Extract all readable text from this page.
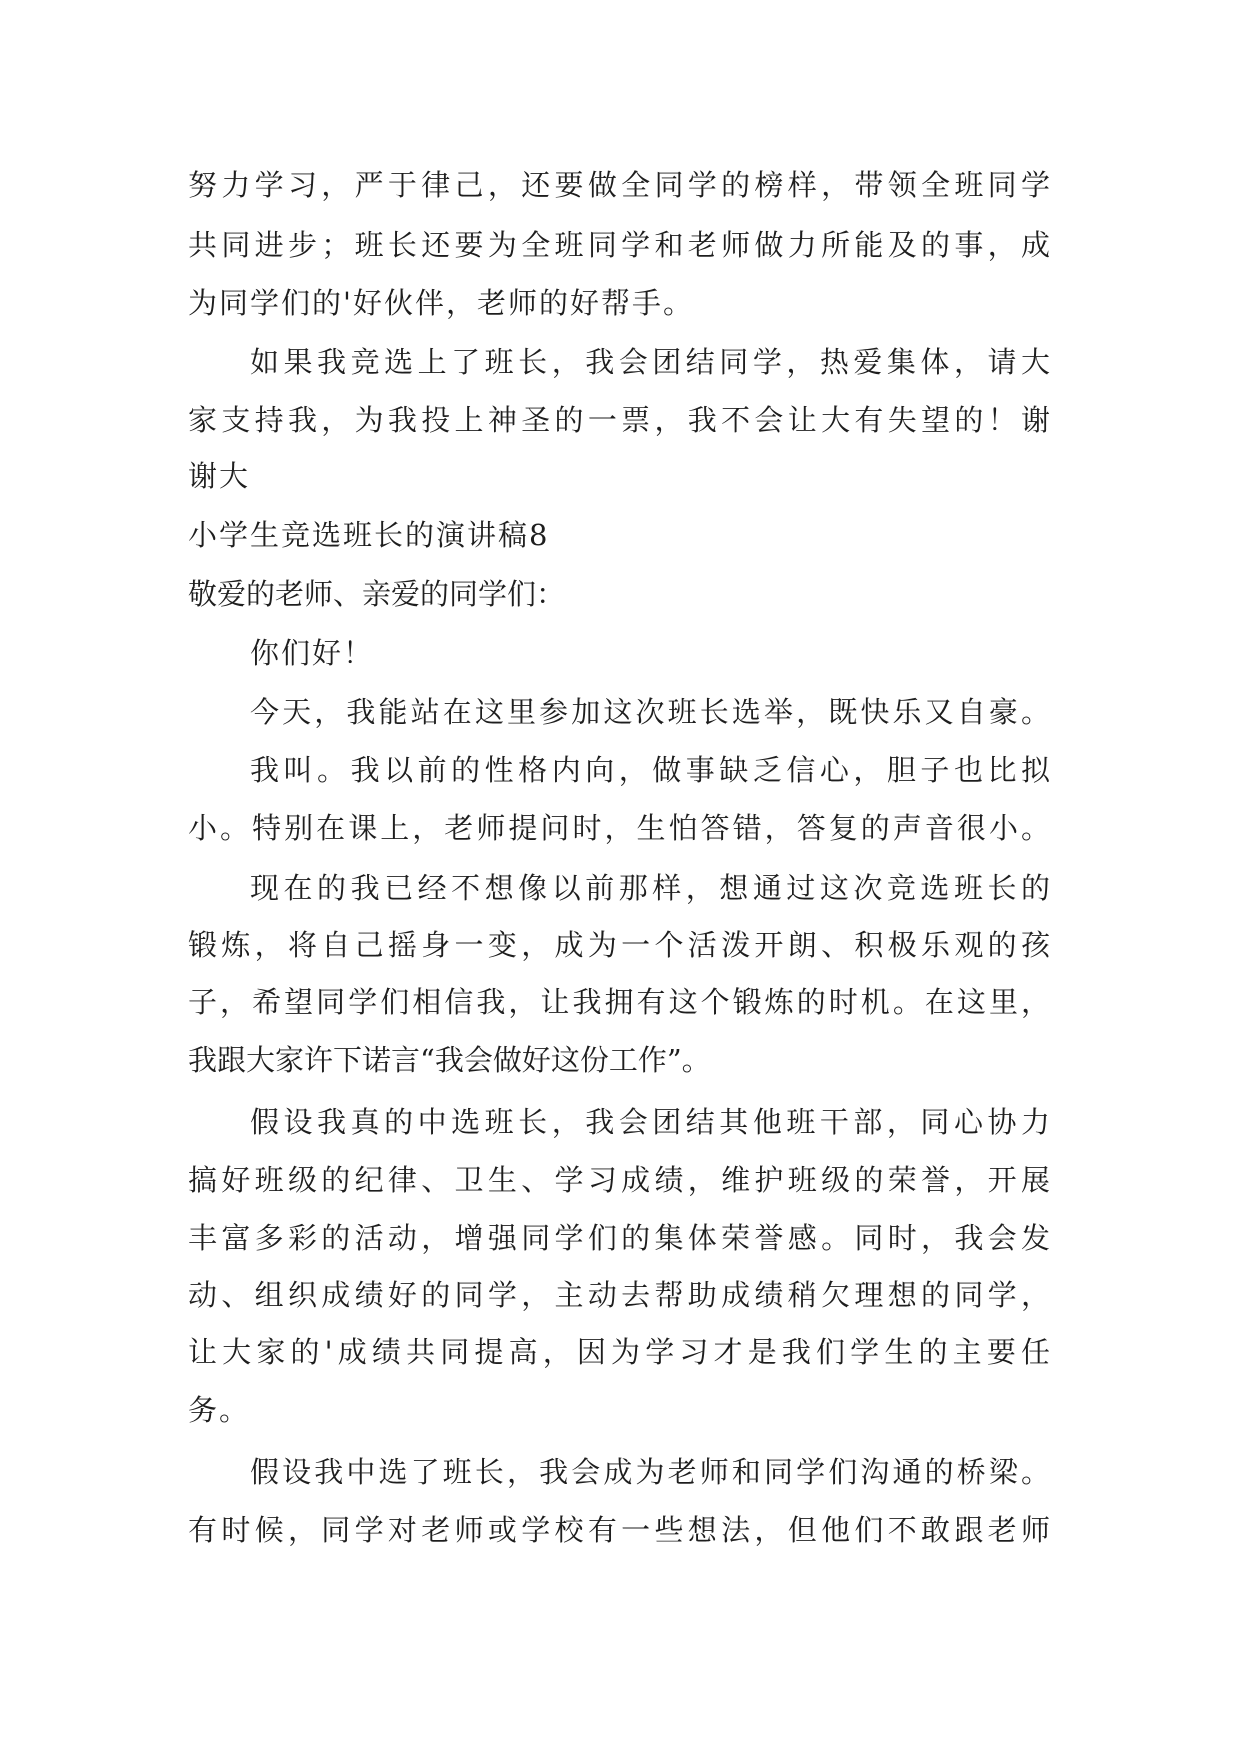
努力学习，严于律己，还要做全同学的榜样，带领全班同学
共同进步；班长还要为全班同学和老师做力所能及的事，成
为同学们的'好伙伴，老师的好帮手。
如果我竞选上了班长，我会团结同学，热爱集体，请大
家支持我，为我投上神圣的一票，我不会让大有失望的！谢
谢大
小学生竞选班长的演讲稿8
敬爱的老师、亲爱的同学们：
你们好！
今天，我能站在这里参加这次班长选举，既快乐又自豪。
我叫。我以前的性格内向，做事缺乏信心，胆子也比拟
小。特别在课上，老师提问时，生怕答错，答复的声音很小。
现在的我已经不想像以前那样，想通过这次竞选班长的
锻炼，将自己摇身一变，成为一个活泼开朗、积极乐观的孩
子，希望同学们相信我，让我拥有这个锻炼的时机。在这里，
我跟大家许下诺言“我会做好这份工作”。
假设我真的中选班长，我会团结其他班干部，同心协力
搞好班级的纪律、卫生、学习成绩，维护班级的荣誉，开展
丰富多彩的活动，增强同学们的集体荣誉感。同时，我会发
动、组织成绩好的同学，主动去帮助成绩稍欠理想的同学，
让大家的'成绩共同提高，因为学习才是我们学生的主要任
务。
假设我中选了班长，我会成为老师和同学们沟通的桥梁。
有时候，同学对老师或学校有一些想法，但他们不敢跟老师
